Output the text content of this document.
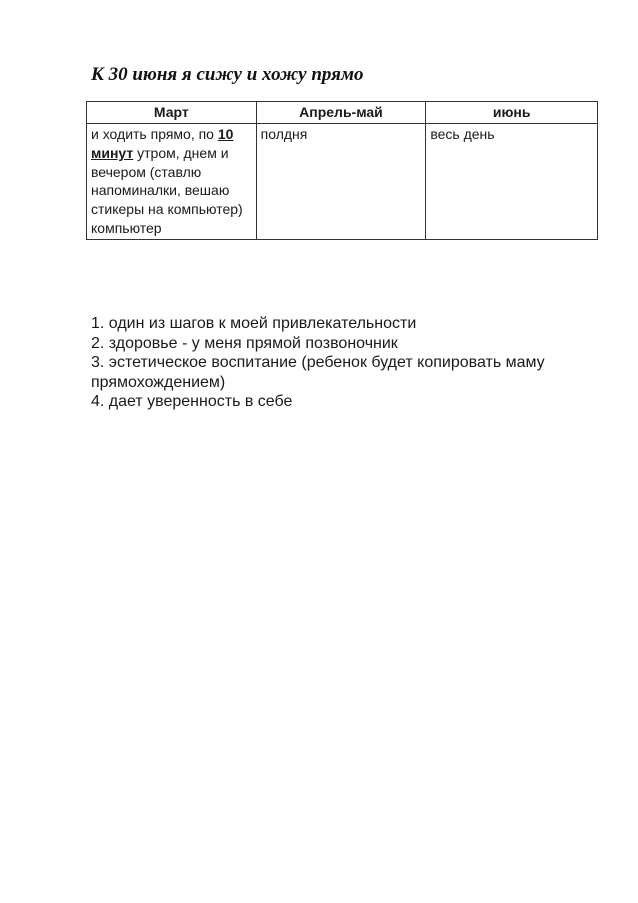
К 30 июня я сижу и хожу прямо
Март	Апрель-май	июнь
и ходить прямо, по 10 минут утром, днем и вечером (ставлю напоминалки, вешаю стикеры на компьютер) компьютер	полдня	весь день
1. один из шагов к моей привлекательности
2. здоровье - у меня прямой позвоночник
3. эстетическое воспитание (ребенок будет копировать маму прямохождением)
4. дает уверенность в себе
